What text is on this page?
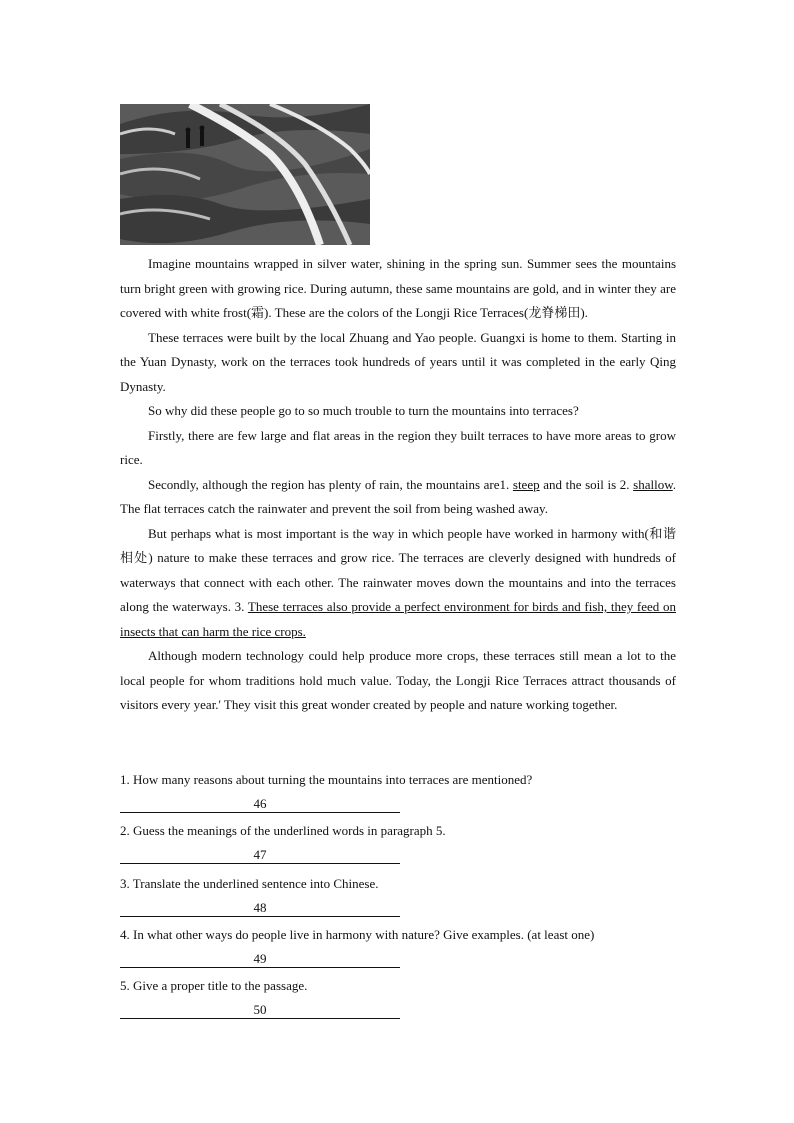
Imagine mountains wrapped in silver water, shining in the spring sun. Summer sees the mountains turn bright green with growing rice. During autumn, these same mountains are gold, and in winter they are covered with white frost(霜). These are the colors of the Longji Rice Terraces(龙脊梯田).

These terraces were built by the local Zhuang and Yao people. Guangxi is home to them. Starting in the Yuan Dynasty, work on the terraces took hundreds of years until it was completed in the early Qing Dynasty.

So why did these people go to so much trouble to turn the mountains into terraces?

Firstly, there are few large and flat areas in the region they built terraces to have more areas to grow rice.

Secondly, although the region has plenty of rain, the mountains are1. steep and the soil is 2. shallow. The flat terraces catch the rainwater and prevent the soil from being washed away.

But perhaps what is most important is the way in which people have worked in harmony with(和谐相处) nature to make these terraces and grow rice. The terraces are cleverly designed with hundreds of waterways that connect with each other. The rainwater moves down the mountains and into the terraces along the waterways. 3. These terraces also provide a perfect environment for birds and fish, they feed on insects that can harm the rice crops.

Although modern technology could help produce more crops, these terraces still mean a lot to the local people for whom traditions hold much value. Today, the Longji Rice Terraces attract thousands of visitors every year.' They visit this great wonder created by people and nature working together.

1. How many reasons about turning the mountains into terraces are mentioned?
46
2. Guess the meanings of the underlined words in paragraph 5.
47
3. Translate the underlined sentence into Chinese.
48
4. In what other ways do people live in harmony with nature? Give examples. (at least one)
49
5. Give a proper title to the passage.
50
